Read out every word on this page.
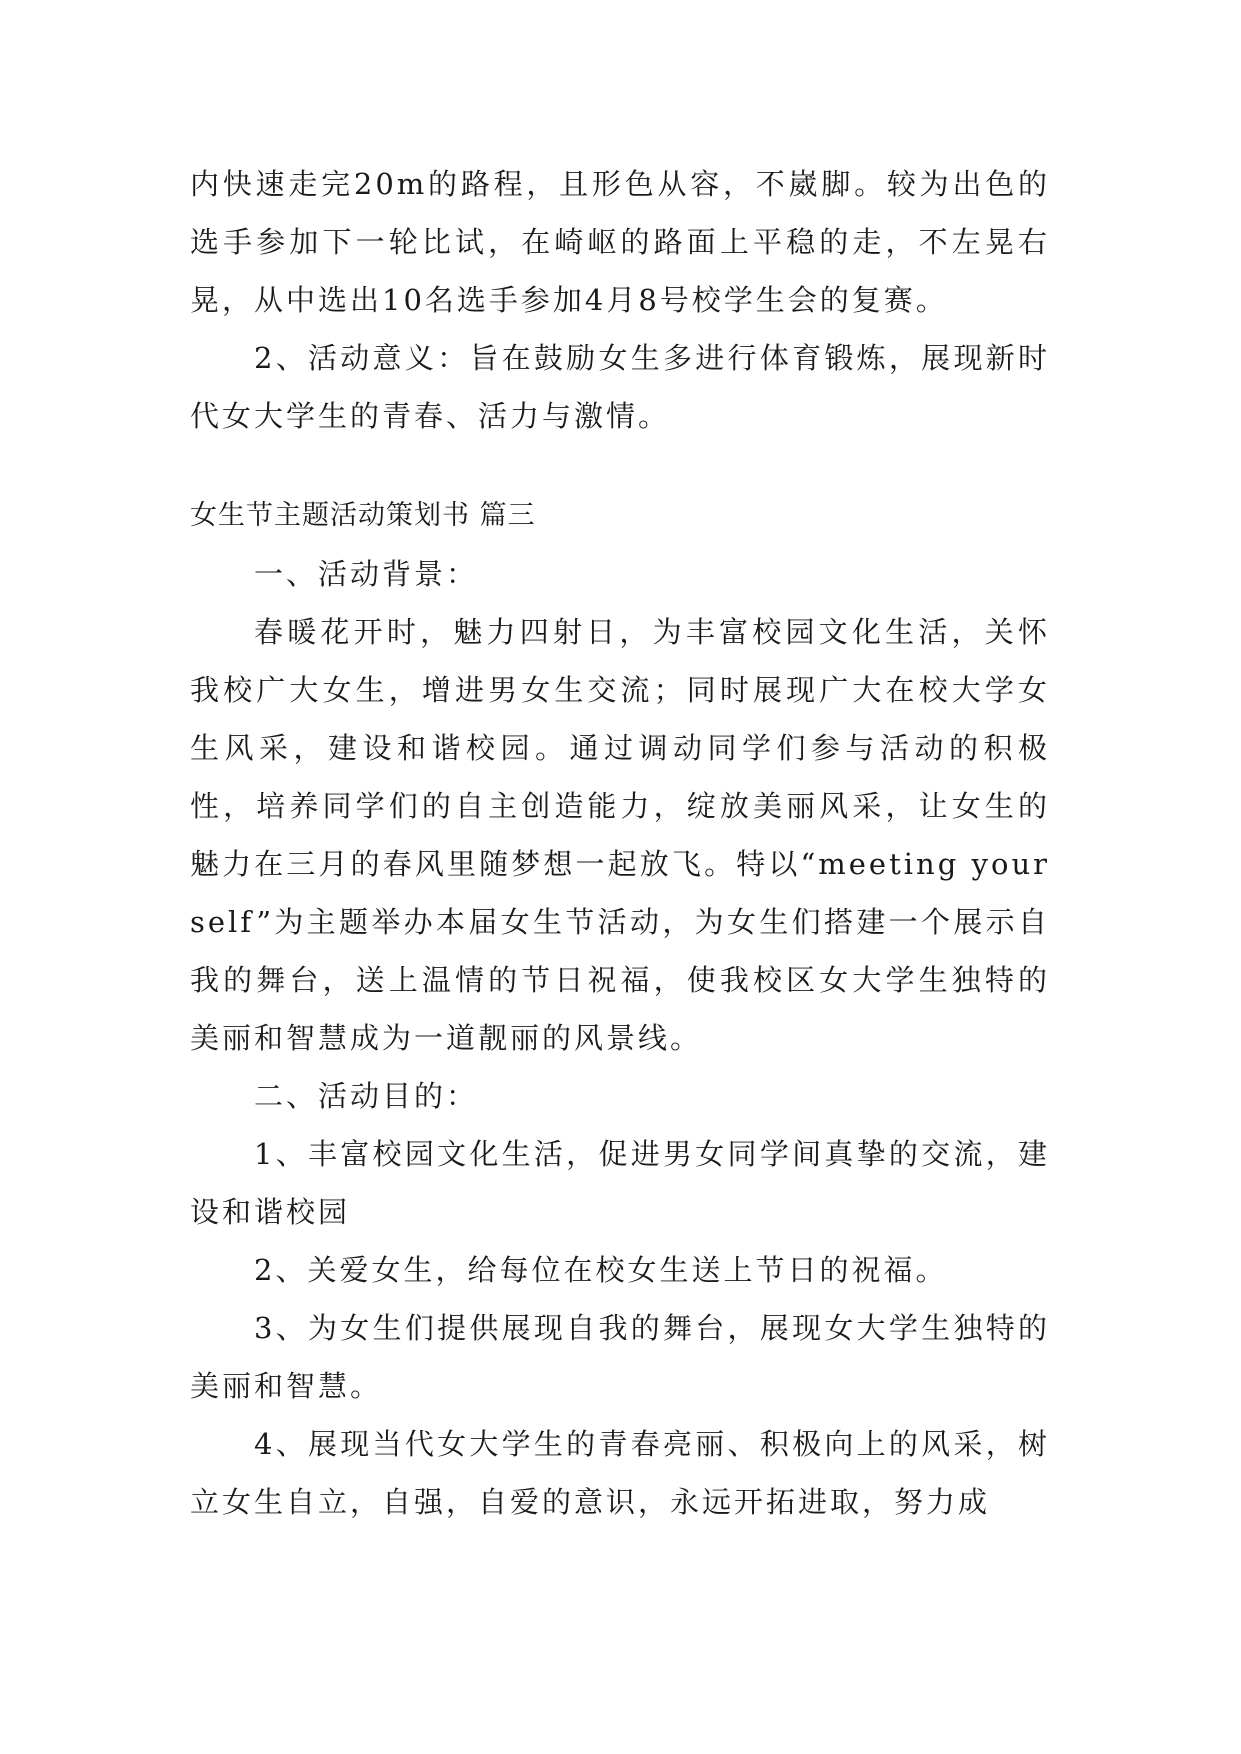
内快速走完20m的路程，且形色从容，不崴脚。较为出色的选手参加下一轮比试，在崎岖的路面上平稳的走，不左晃右晃，从中选出10名选手参加4月8号校学生会的复赛。

2、活动意义：旨在鼓励女生多进行体育锻炼，展现新时代女大学生的青春、活力与激情。

女生节主题活动策划书 篇三

一、活动背景：

春暖花开时，魅力四射日，为丰富校园文化生活，关怀我校广大女生，增进男女生交流；同时展现广大在校大学女生风采，建设和谐校园。通过调动同学们参与活动的积极性，培养同学们的自主创造能力，绽放美丽风采，让女生的魅力在三月的春风里随梦想一起放飞。特以“meeting yourself”为主题举办本届女生节活动，为女生们搭建一个展示自我的舞台，送上温情的节日祝福，使我校区女大学生独特的美丽和智慧成为一道靓丽的风景线。

二、活动目的：

1、丰富校园文化生活，促进男女同学间真挚的交流，建设和谐校园

2、关爱女生，给每位在校女生送上节日的祝福。

3、为女生们提供展现自我的舞台，展现女大学生独特的美丽和智慧。

4、展现当代女大学生的青春亮丽、积极向上的风采，树立女生自立，自强，自爱的意识，永远开拓进取，努力成
